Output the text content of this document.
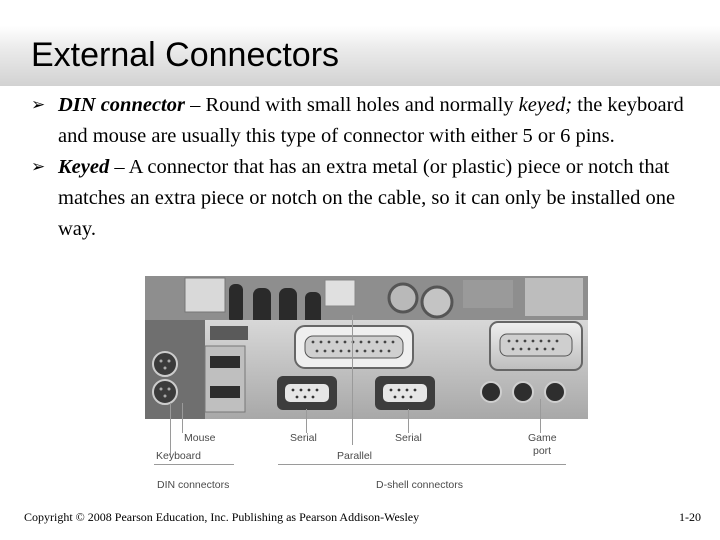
External Connectors
➢ DIN connector – Round with small holes and normally keyed; the keyboard and mouse are usually this type of connector with either 5 or 6 pins.
➢ Keyed – A connector that has an extra metal (or plastic) piece or notch that matches an extra piece or notch on the cable, so it can only be installed one way.
Mouse
Keyboard
Serial
Parallel
Serial	Game
port
DIN connectors	D-shell connectors
Copyright © 2008 Pearson Education, Inc. Publishing as Pearson Addison-Wesley	1-20
